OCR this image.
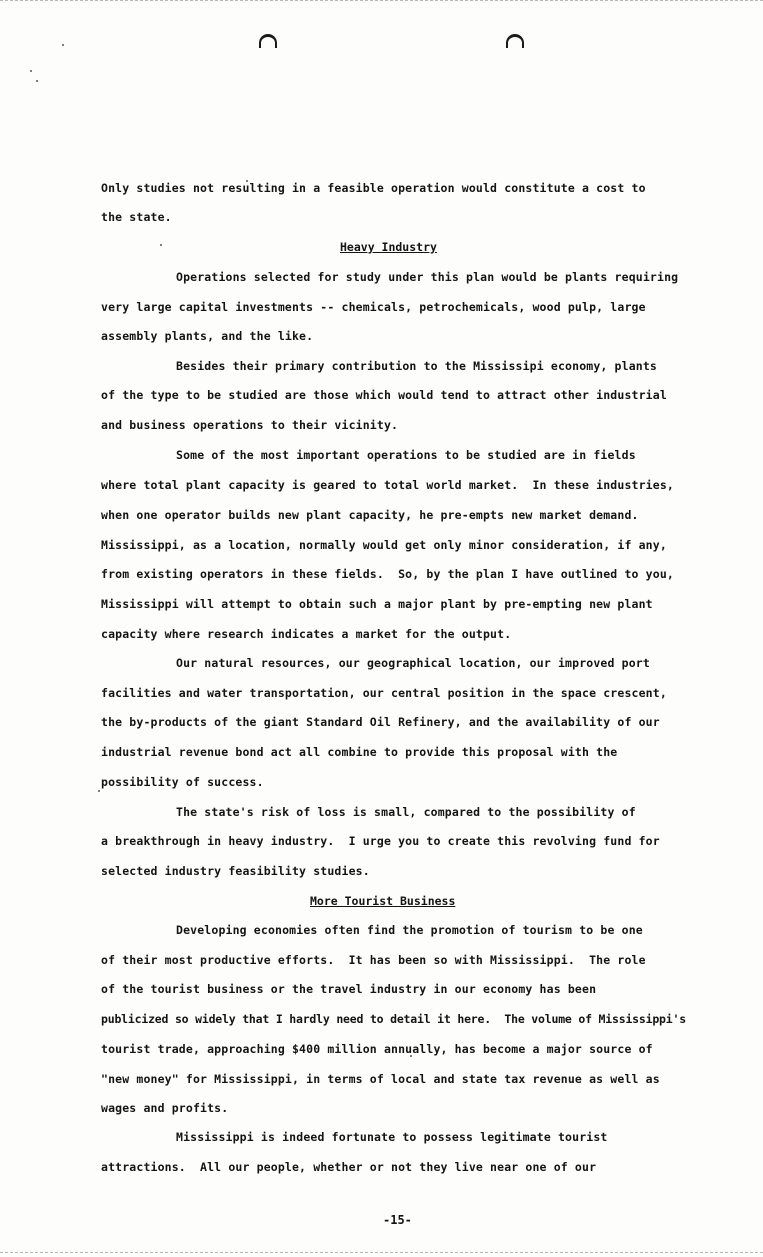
Only studies not resulting in a feasible operation would constitute a cost to
the state.
Heavy Industry
Operations selected for study under this plan would be plants requiring
very large capital investments -- chemicals, petrochemicals, wood pulp, large
assembly plants, and the like.
Besides their primary contribution to the Mississipi economy, plants
of the type to be studied are those which would tend to attract other industrial
and business operations to their vicinity.
Some of the most important operations to be studied are in fields
where total plant capacity is geared to total world market.  In these industries,
when one operator builds new plant capacity, he pre-empts new market demand.
Mississippi, as a location, normally would get only minor consideration, if any,
from existing operators in these fields.  So, by the plan I have outlined to you,
Mississippi will attempt to obtain such a major plant by pre-empting new plant
capacity where research indicates a market for the output.
Our natural resources, our geographical location, our improved port
facilities and water transportation, our central position in the space crescent,
the by-products of the giant Standard Oil Refinery, and the availability of our
industrial revenue bond act all combine to provide this proposal with the
possibility of success.
The state's risk of loss is small, compared to the possibility of
a breakthrough in heavy industry.  I urge you to create this revolving fund for
selected industry feasibility studies.
More Tourist Business
Developing economies often find the promotion of tourism to be one
of their most productive efforts.  It has been so with Mississippi.  The role
of the tourist business or the travel industry in our economy has been
publicized so widely that I hardly need to detail it here.  The volume of Mississippi's
tourist trade, approaching $400 million annually, has become a major source of
"new money" for Mississippi, in terms of local and state tax revenue as well as
wages and profits.
Mississippi is indeed fortunate to possess legitimate tourist
attractions.  All our people, whether or not they live near one of our
-15-
